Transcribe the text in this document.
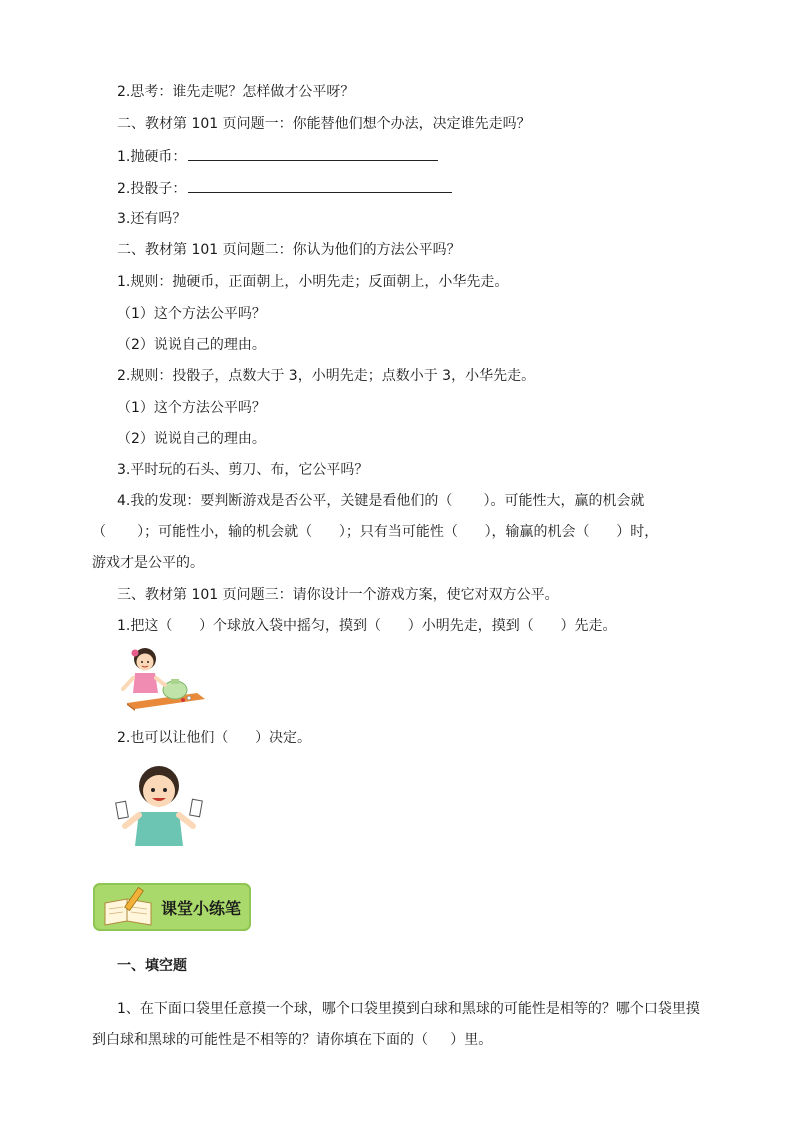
2.思考：谁先走呢？怎样做才公平呀？
二、教材第 101 页问题一：你能替他们想个办法，决定谁先走吗？
1.抛硬币：
2.投骰子：
3.还有吗？
二、教材第 101 页问题二：你认为他们的方法公平吗？
1.规则：抛硬币，正面朝上，小明先走；反面朝上，小华先走。
（1）这个方法公平吗？
（2）说说自己的理由。
2.规则：投骰子，点数大于 3，小明先走；点数小于 3，小华先走。
（1）这个方法公平吗？
（2）说说自己的理由。
3.平时玩的石头、剪刀、布，它公平吗？
4.我的发现：要判断游戏是否公平，关键是看他们的（ ）。可能性大，赢的机会就
（ ）；可能性小，输的机会就（ ）；只有当可能性（ ），输赢的机会（ ）时，
游戏才是公平的。
三、教材第 101 页问题三：请你设计一个游戏方案，使它对双方公平。
1.把这（ ）个球放入袋中摇匀，摸到（ ）小明先走，摸到（ ）先走。
2.也可以让他们（ ）决定。
课堂小练笔
一、填空题
1、在下面口袋里任意摸一个球，哪个口袋里摸到白球和黑球的可能性是相等的？哪个口袋里摸
到白球和黑球的可能性是不相等的？请你填在下面的（ ）里。
